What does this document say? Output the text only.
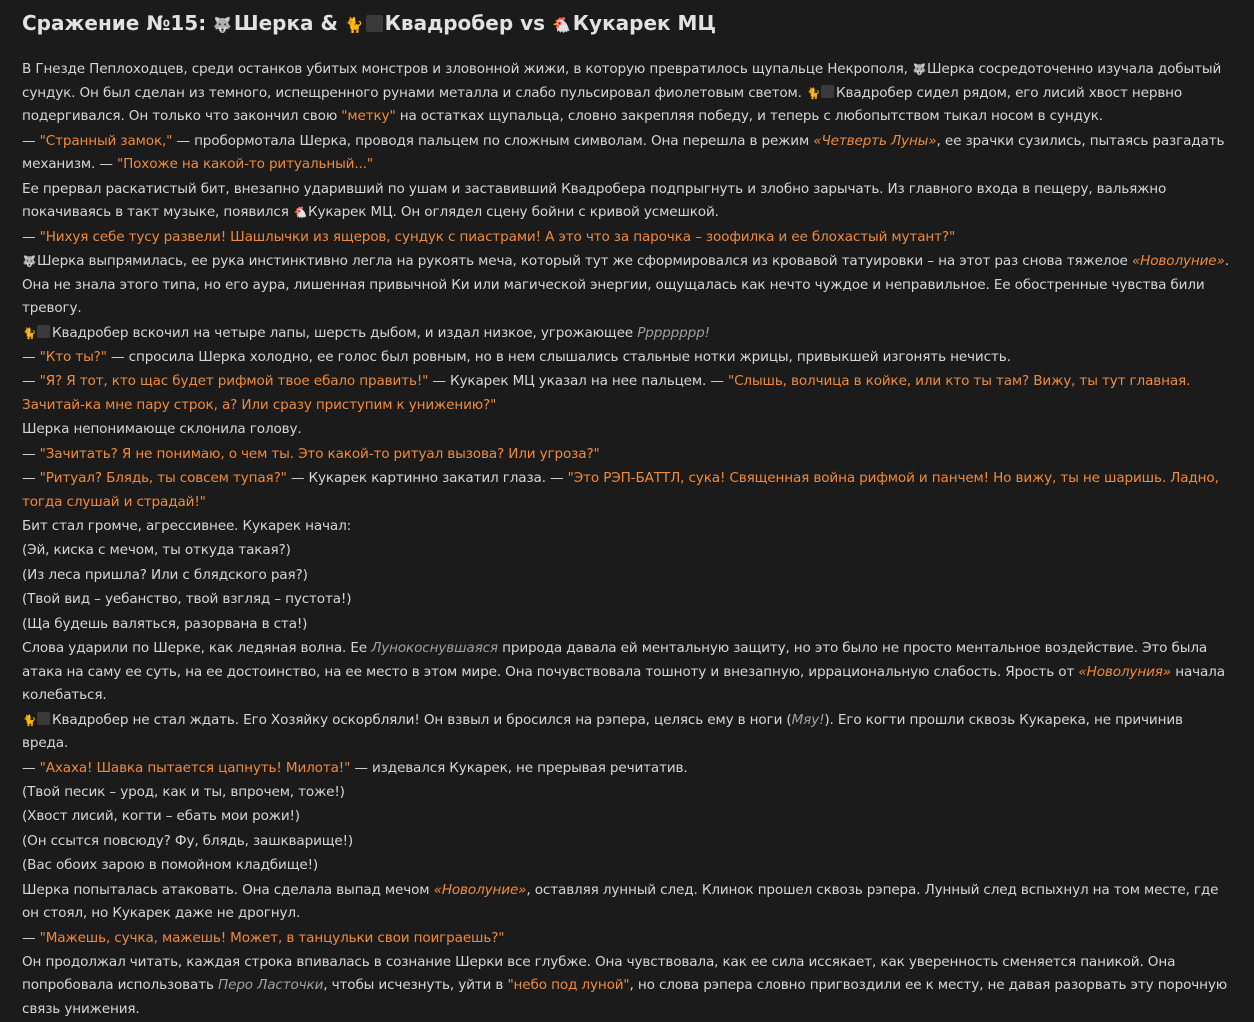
Сражение №15: 🐺 Шерка & 🐈 Квадробер vs 🐔 Кукарек МЦ

В Гнезде Пеплоходцев, среди останков убитых монстров и зловонной жижи, в которую превратилось щупальце Некрополя, 🐺Шерка сосредоточенно изучала добытый сундук. Он был сделан из темного, испещренного рунами металла и слабо пульсировал фиолетовым светом. 🐈 Квадробер сидел рядом, его лисий хвост нервно подергивался. Он только что закончил свою "метку" на остатках щупальца, словно закрепляя победу, и теперь с любопытством тыкал носом в сундук.

— "Странный замок," — пробормотала Шерка, проводя пальцем по сложным символам. Она перешла в режим «Четверть Луны», ее зрачки сузились, пытаясь разгадать механизм. — "Похоже на какой-то ритуальный..."

Ее прервал раскатистый бит, внезапно ударивший по ушам и заставивший Квадробера подпрыгнуть и злобно зарычать. Из главного входа в пещеру, вальяжно покачиваясь в такт музыке, появился 🐔Кукарек МЦ. Он оглядел сцену бойни с кривой усмешкой.

— "Нихуя себе тусу развели! Шашлычки из ящеров, сундук с пиастрами! А это что за парочка – зоофилка и ее блохастый мутант?"

🐺Шерка выпрямилась, ее рука инстинктивно легла на рукоять меча, который тут же сформировался из кровавой татуировки – на этот раз снова тяжелое «Новолуние». Она не знала этого типа, но его аура, лишенная привычной Ки или магической энергии, ощущалась как нечто чуждое и неправильное. Ее обостренные чувства били тревогу.

🐈 Квадробер вскочил на четыре лапы, шерсть дыбом, и издал низкое, угрожающее Рррррррр!

— "Кто ты?" — спросила Шерка холодно, ее голос был ровным, но в нем слышались стальные нотки жрицы, привыкшей изгонять нечисть.

— "Я? Я тот, кто щас будет рифмой твое ебало править!" — Кукарек МЦ указал на нее пальцем. — "Слышь, волчица в койке, или кто ты там? Вижу, ты тут главная. Зачитай-ка мне пару строк, а? Или сразу приступим к унижению?"

Шерка непонимающе склонила голову.

— "Зачитать? Я не понимаю, о чем ты. Это какой-то ритуал вызова? Или угроза?"

— "Ритуал? Блядь, ты совсем тупая?" — Кукарек картинно закатил глаза. — "Это РЭП-БАТТЛ, сука! Священная война рифмой и панчем! Но вижу, ты не шаришь. Ладно, тогда слушай и страдай!"

Бит стал громче, агрессивнее. Кукарек начал:

(Эй, киска с мечом, ты откуда такая?)

(Из леса пришла? Или с блядского рая?)

(Твой вид – уебанство, твой взгляд – пустота!)

(Ща будешь валяться, разорвана в ста!)

Слова ударили по Шерке, как ледяная волна. Ее Лунокоснувшаяся природа давала ей ментальную защиту, но это было не просто ментальное воздействие. Это была атака на саму ее суть, на ее достоинство, на ее место в этом мире. Она почувствовала тошноту и внезапную, иррациональную слабость. Ярость от «Новолуния» начала колебаться.

🐈 Квадробер не стал ждать. Его Хозяйку оскорбляли! Он взвыл и бросился на рэпера, целясь ему в ноги (Мяу!). Его когти прошли сквозь Кукарека, не причинив вреда.

— "Ахаха! Шавка пытается цапнуть! Милота!" — издевался Кукарек, не прерывая речитатив.

(Твой песик – урод, как и ты, впрочем, тоже!)

(Хвост лисий, когти – ебать мои рожи!)

(Он ссытся повсюду? Фу, блядь, зашкварище!)

(Вас обоих зарою в помойном кладбище!)

Шерка попыталась атаковать. Она сделала выпад мечом «Новолуние», оставляя лунный след. Клинок прошел сквозь рэпера. Лунный след вспыхнул на том месте, где он стоял, но Кукарек даже не дрогнул.

— "Мажешь, сучка, мажешь! Может, в танцульки свои поиграешь?"

Он продолжал читать, каждая строка впивалась в сознание Шерки все глубже. Она чувствовала, как ее сила иссякает, как уверенность сменяется паникой. Она попробовала использовать Перо Ласточки, чтобы исчезнуть, уйти в "небо под луной", но слова рэпера словно пригвоздили ее к месту, не давая разорвать эту порочную связь унижения.
